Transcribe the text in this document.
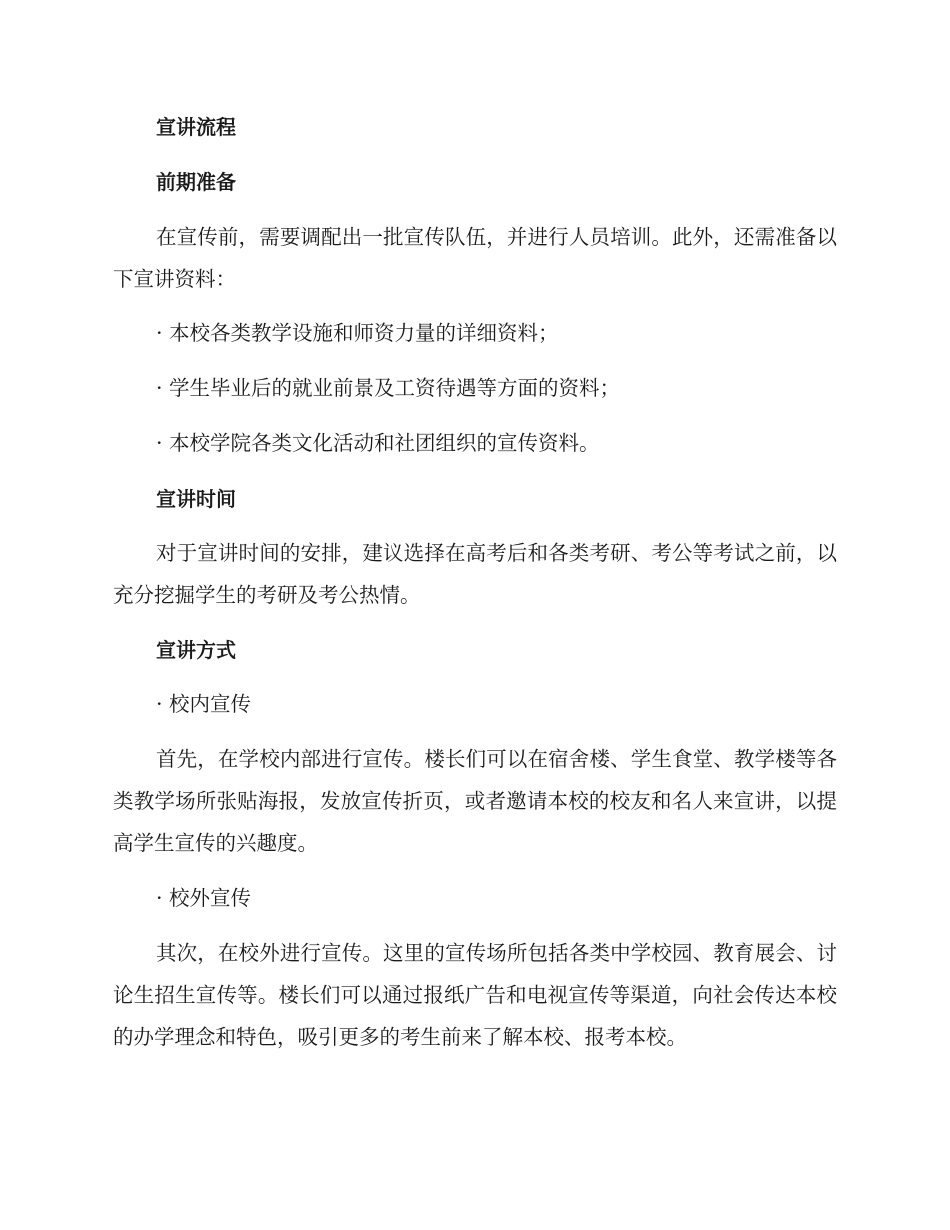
宣讲流程
前期准备

在宣传前，需要调配出一批宣传队伍，并进行人员培训。此外，还需准备以下宣讲资料：

· 本校各类教学设施和师资力量的详细资料；

· 学生毕业后的就业前景及工资待遇等方面的资料；

· 本校学院各类文化活动和社团组织的宣传资料。

宣讲时间

对于宣讲时间的安排，建议选择在高考后和各类考研、考公等考试之前，以充分挖掘学生的考研及考公热情。

宣讲方式

· 校内宣传

首先，在学校内部进行宣传。楼长们可以在宿舍楼、学生食堂、教学楼等各类教学场所张贴海报，发放宣传折页，或者邀请本校的校友和名人来宣讲，以提高学生宣传的兴趣度。

· 校外宣传

其次，在校外进行宣传。这里的宣传场所包括各类中学校园、教育展会、讨论生招生宣传等。楼长们可以通过报纸广告和电视宣传等渠道，向社会传达本校的办学理念和特色，吸引更多的考生前来了解本校、报考本校。
